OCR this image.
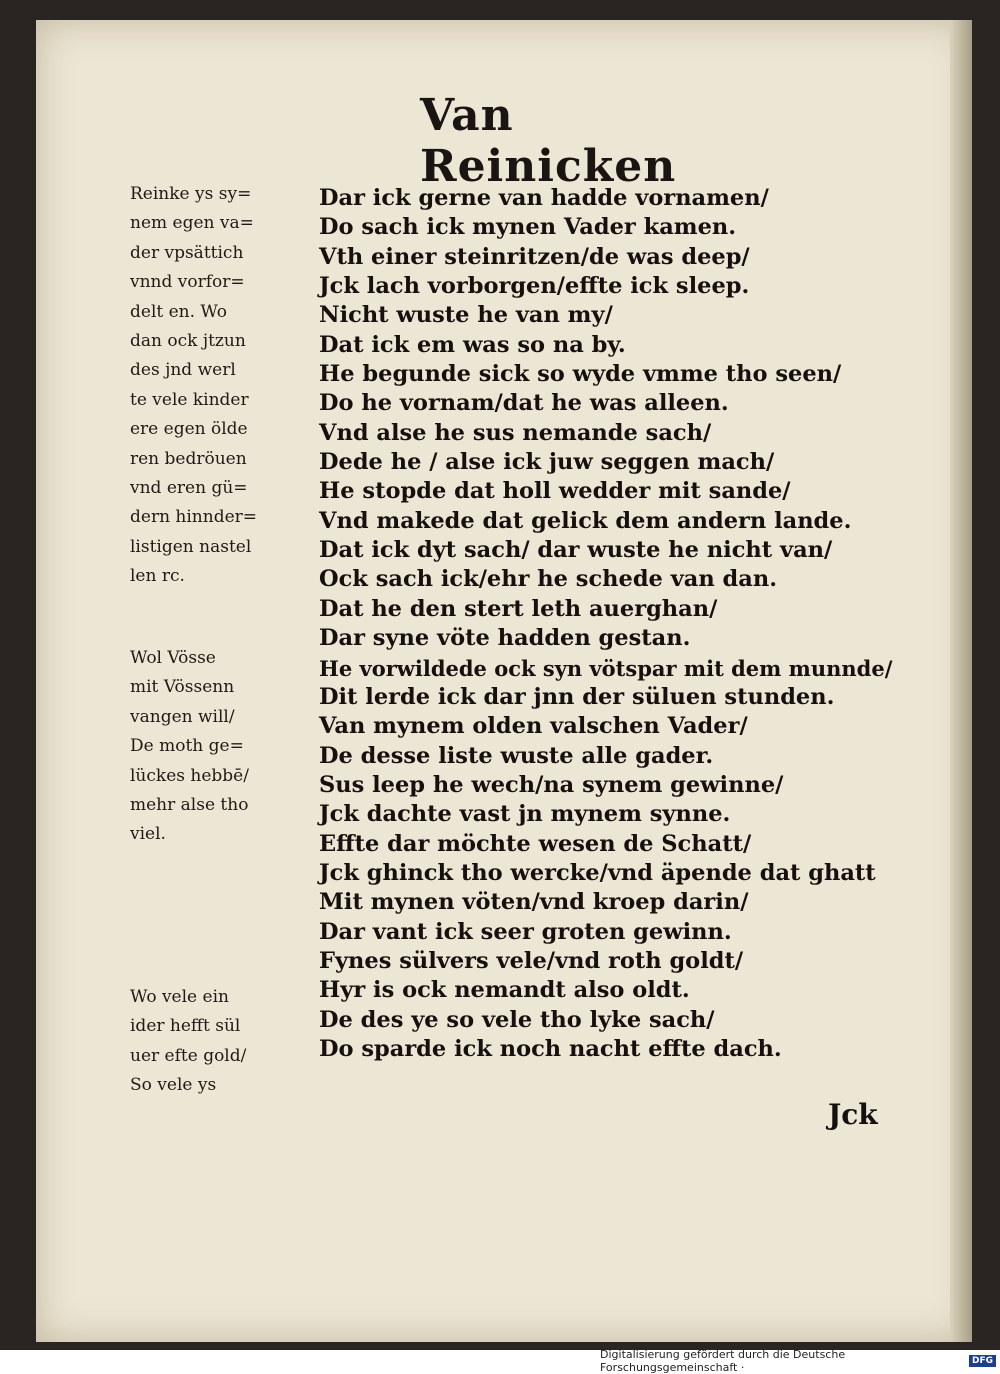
Van Reinicken

Reinke ys sy=

nem egen va=

der vpsättich

vnnd vorfor=

delt en. Wo

dan ock jtzun

des jnd werl

te vele kinder

ere egen ölde

ren bedröuen

vnd eren gü=

dern hinnder=

listigen nastel

len rc.

Wol Vösse

mit Vössenn

vangen will/

De moth ge=

lückes hebbē/

mehr alse tho

viel.

Wo vele ein

ider hefft sül

uer efte gold/

So vele ys

Dar ick gerne van hadde vornamen/
Do sach ick mynen Vader kamen.
Vth einer steinritzen/de was deep/
Jck lach vorborgen/effte ick sleep.
Nicht wuste he van my/
Dat ick em was so na by.
He begunde sick so wyde vmme tho seen/
Do he vornam/dat he was alleen.
Vnd alse he sus nemande sach/
Dede he / alse ick juw seggen mach/
He stopde dat holl wedder mit sande/
Vnd makede dat gelick dem andern lande.
Dat ick dyt sach/ dar wuste he nicht van/
Ock sach ick/ehr he schede van dan.
Dat he den stert leth auerghan/
Dar syne vöte hadden gestan.
He vorwildede ock syn vötspar mit dem munnde/
Dit lerde ick dar jnn der süluen stunden.
Van mynem olden valschen Vader/
De desse liste wuste alle gader.
Sus leep he wech/na synem gewinne/
Jck dachte vast jn mynem synne.
Effte dar möchte wesen de Schatt/
Jck ghinck tho wercke/vnd äpende dat ghatt
Mit mynen vöten/vnd kroep darin/
Dar vant ick seer groten gewinn.
Fynes sülvers vele/vnd roth goldt/
Hyr is ock nemandt also oldt.
De des ye so vele tho lyke sach/
Do sparde ick noch nacht effte dach.
Jck
Digitalisierung gefördert durch die Deutsche Forschungsgemeinschaft ·	DFG
